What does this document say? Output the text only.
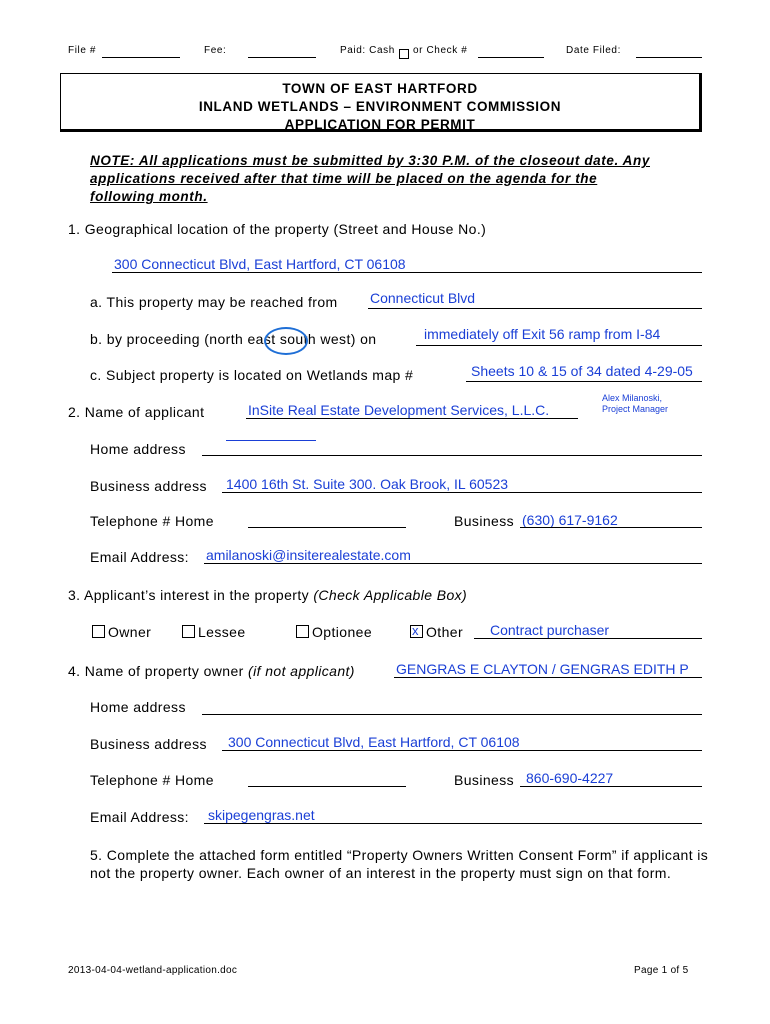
File #	Fee:	Paid: Cash or Check #	Date Filed:
TOWN OF EAST HARTFORD
INLAND WETLANDS – ENVIRONMENT COMMISSION
APPLICATION FOR PERMIT
NOTE: All applications must be submitted by 3:30 P.M. of the closeout date. Any applications received after that time will be placed on the agenda for the following month.
1. Geographical location of the property (Street and House No.)
300 Connecticut Blvd, East Hartford, CT 06108
a. This property may be reached from Connecticut Blvd
b. by proceeding (north east south west) on	immediately off Exit 56 ramp from I-84
c. Subject property is located on Wetlands map #	Sheets 10 & 15 of 34 dated 4-29-05
2. Name of applicant	InSite Real Estate Development Services, L.L.C.
Alex Milanoski,
Project Manager
Home address
Business address 1400 16th St. Suite 300. Oak Brook, IL 60523
Telephone # Home	Business (630) 617-9162
Email Address: amilanoski@insiterealestate.com
3. Applicant’s interest in the property (Check Applicable Box)
Owner	Lessee	Optionee	x Other Contract purchaser
4. Name of property owner (if not applicant)	GENGRAS E CLAYTON / GENGRAS EDITH P
Home address
Business address 300 Connecticut Blvd, East Hartford, CT 06108
Telephone # Home	Business 860-690-4227
Email Address: skipegengras.net
5. Complete the attached form entitled “Property Owners Written Consent Form” if applicant is not the property owner. Each owner of an interest in the property must sign on that form.
2013-04-04-wetland-application.doc	Page 1 of 5
